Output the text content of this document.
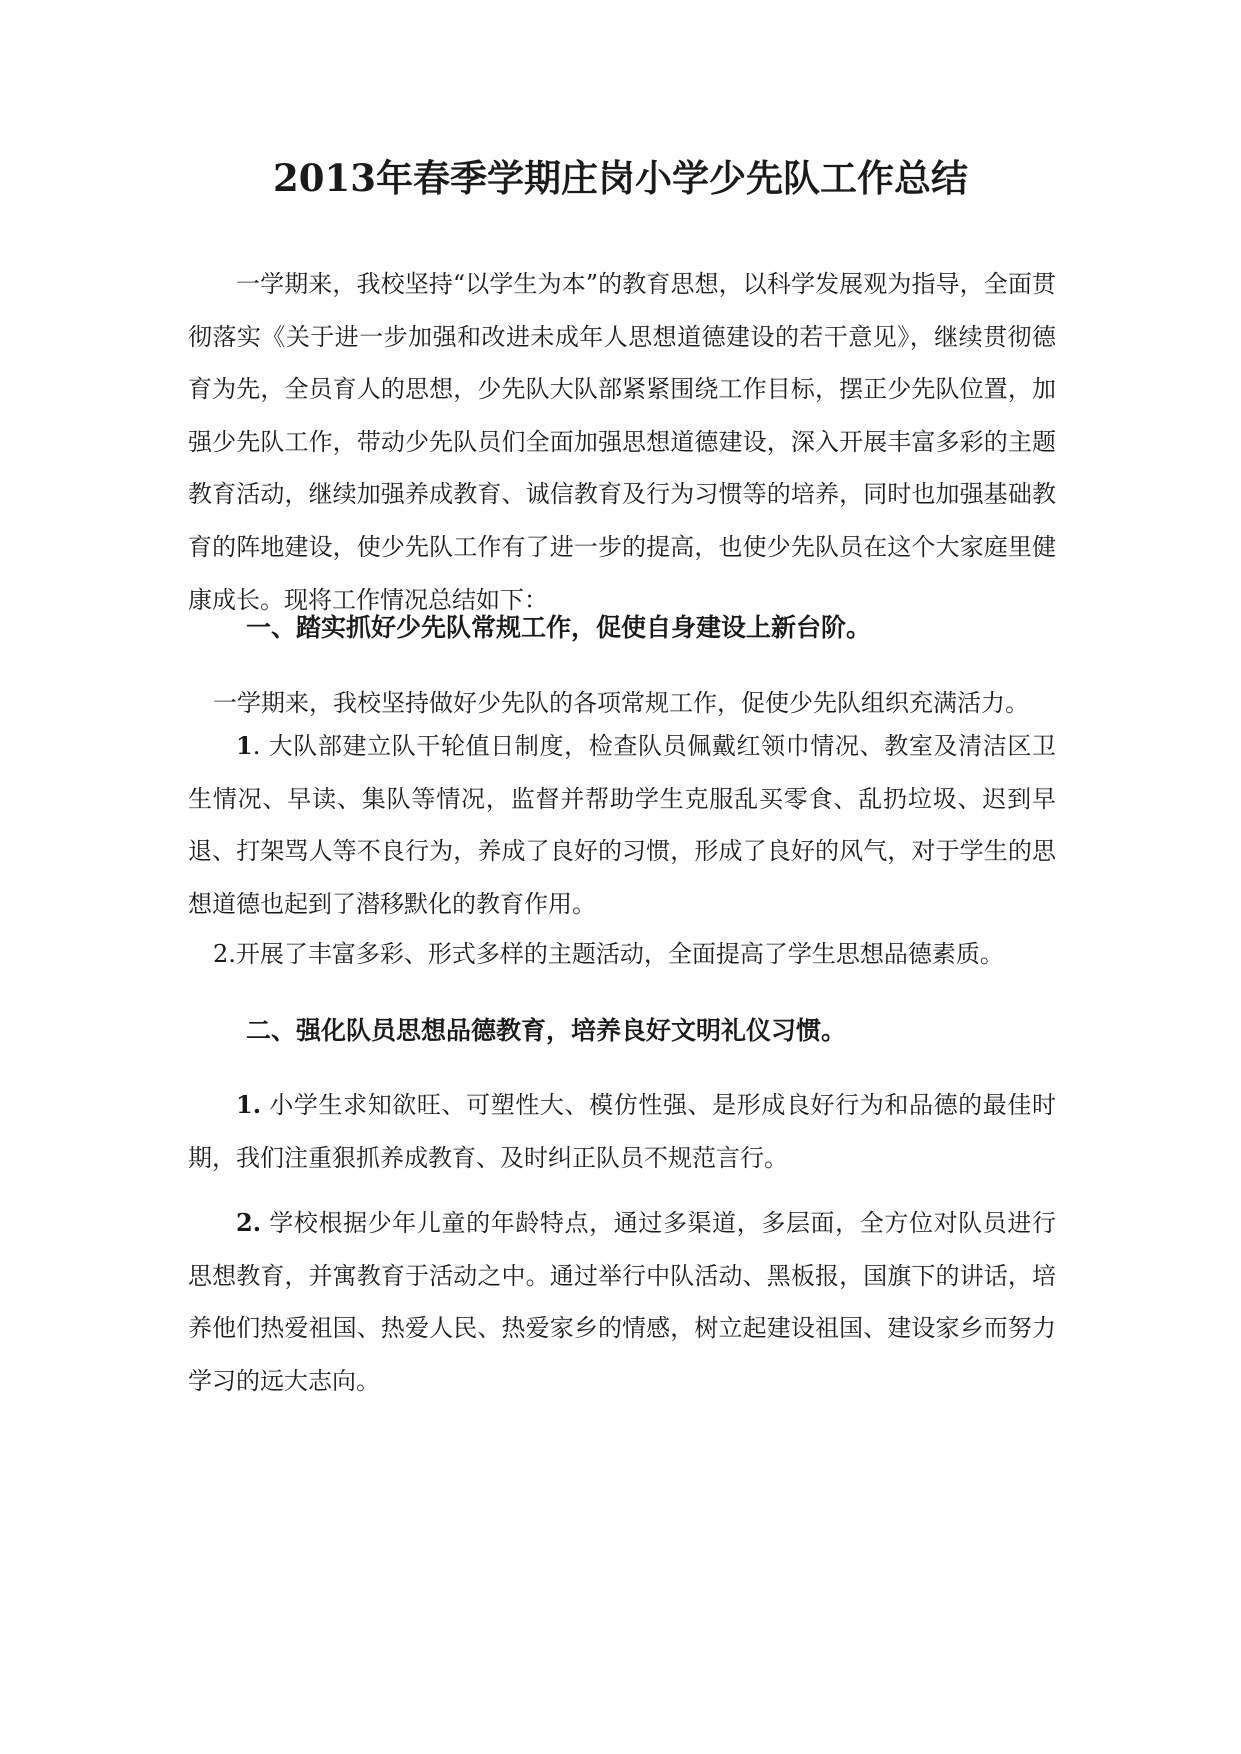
2013年春季学期庄岗小学少先队工作总结

一学期来，我校坚持“以学生为本”的教育思想，以科学发展观为指导，全面贯彻落实《关于进一步加强和改进未成年人思想道德建设的若干意见》，继续贯彻德育为先，全员育人的思想，少先队大队部紧紧围绕工作目标，摆正少先队位置，加强少先队工作，带动少先队员们全面加强思想道德建设，深入开展丰富多彩的主题教育活动，继续加强养成教育、诚信教育及行为习惯等的培养，同时也加强基础教育的阵地建设，使少先队工作有了进一步的提高，也使少先队员在这个大家庭里健康成长。现将工作情况总结如下：

一、踏实抓好少先队常规工作，促使自身建设上新台阶。
一学期来，我校坚持做好少先队的各项常规工作，促使少先队组织充满活力。

1. 大队部建立队干轮值日制度，检查队员佩戴红领巾情况、教室及清洁区卫生情况、早读、集队等情况，监督并帮助学生克服乱买零食、乱扔垃圾、迟到早退、打架骂人等不良行为，养成了良好的习惯，形成了良好的风气，对于学生的思想道德也起到了潜移默化的教育作用。

2.开展了丰富多彩、形式多样的主题活动，全面提高了学生思想品德素质。
二、强化队员思想品德教育，培养良好文明礼仪习惯。

1. 小学生求知欲旺、可塑性大、模仿性强、是形成良好行为和品德的最佳时期，我们注重狠抓养成教育、及时纠正队员不规范言行。

2. 学校根据少年儿童的年龄特点，通过多渠道，多层面，全方位对队员进行思想教育，并寓教育于活动之中。通过举行中队活动、黑板报，国旗下的讲话，培养他们热爱祖国、热爱人民、热爱家乡的情感，树立起建设祖国、建设家乡而努力学习的远大志向。
